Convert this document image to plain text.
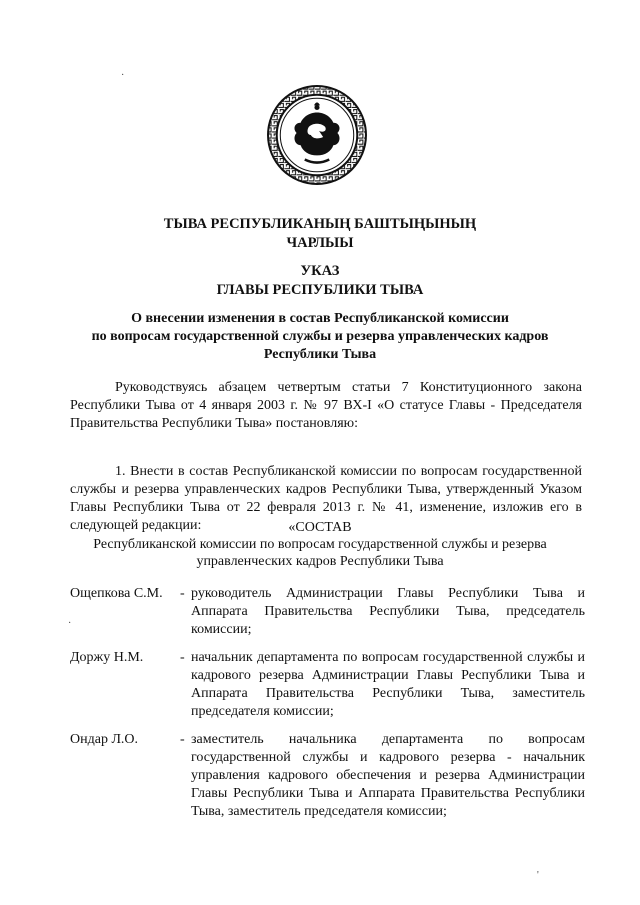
ТЫВА РЕСПУБЛИКАНЫҢ БАШТЫҢЫНЫҢ
ЧАРЛЫЫ
УКАЗ
ГЛАВЫ РЕСПУБЛИКИ ТЫВА
О внесении изменения в состав Республиканской комиссии
по вопросам государственной службы и резерва управленческих кадров
Республики Тыва
Руководствуясь абзацем четвертым статьи 7 Конституционного закона Республики Тыва от 4 января 2003 г. № 97 ВХ-I «О статусе Главы - Председателя Правительства Республики Тыва» постановляю:
1. Внести в состав Республиканской комиссии по вопросам государственной службы и резерва управленческих кадров Республики Тыва, утвержденный Указом Главы Республики Тыва от 22 февраля 2013 г. № 41, изменение, изложив его в следующей редакции:	«СОСТАВ
Республиканской комиссии по вопросам государственной службы и резерва
управленческих кадров Республики Тыва
Ощепкова С.М.	- руководитель Администрации Главы Республики Тыва и Аппарата Правительства Республики Тыва, председатель комиссии;
Доржу Н.М.	- начальник департамента по вопросам государственной службы и кадрового резерва Администрации Главы Республики Тыва и Аппарата Правительства Республики Тыва, заместитель председателя комиссии;
Ондар Л.О.	- заместитель начальника департамента по вопросам государственной службы и кадрового резерва - начальник управления кадрового обеспечения и резерва Администрации Главы Республики Тыва и Аппарата Правительства Республики Тыва, заместитель председателя комиссии;
·
·
'
